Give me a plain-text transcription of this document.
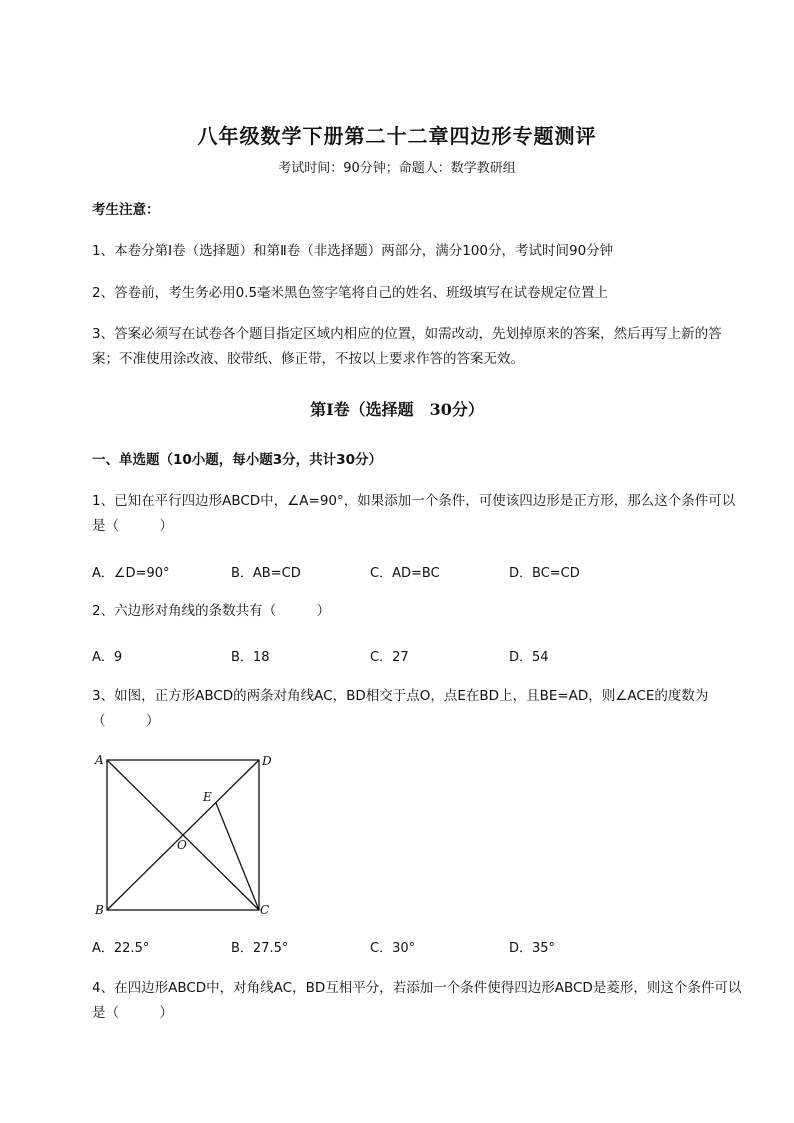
八年级数学下册第二十二章四边形专题测评
考试时间：90分钟；命题人：数学教研组
考生注意：
1、本卷分第I卷（选择题）和第Ⅱ卷（非选择题）两部分，满分100分，考试时间90分钟
2、答卷前，考生务必用0.5毫米黑色签字笔将自己的姓名、班级填写在试卷规定位置上
3、答案必须写在试卷各个题目指定区域内相应的位置，如需改动，先划掉原来的答案，然后再写上新的答案；不准使用涂改液、胶带纸、修正带，不按以上要求作答的答案无效。
第I卷（选择题　30分）
一、单选题（10小题，每小题3分，共计30分）
1、已知在平行四边形ABCD中，∠A=90°，如果添加一个条件，可使该四边形是正方形，那么这个条件可以是（　　　）
A．∠D=90°	B．AB=CD	C．AD=BC	D．BC=CD
2、六边形对角线的条数共有（　　　）
A．9	B．18	C．27	D．54
3、如图，正方形ABCD的两条对角线AC，BD相交于点O，点E在BD上，且BE=AD，则∠ACE的度数为（　　　）
A	D
B	C
E
O
A．22.5°	B．27.5°	C．30°	D．35°
4、在四边形ABCD中，对角线AC，BD互相平分，若添加一个条件使得四边形ABCD是菱形，则这个条件可以是（　　　）
